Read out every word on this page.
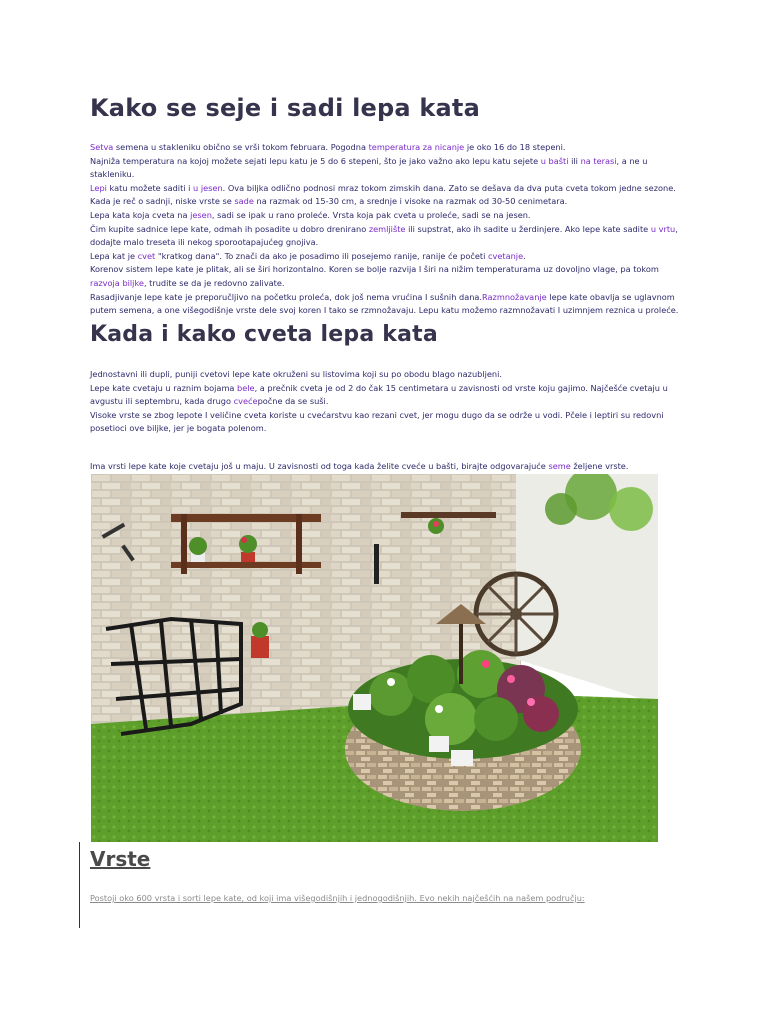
Kako se seje i sadi lepa kata

Setva semena u stakleniku obično se vrši tokom februara. Pogodna temperatura za nicanje je oko 16 do 18 stepeni.

Najniža temperatura na kojoj možete sejati lepu katu je 5 do 6 stepeni, što je jako važno ako lepu katu sejete u bašti ili na terasi, a ne u stakleniku.

Lepi katu možete saditi i u jesen. Ova biljka odlično podnosi mraz tokom zimskih dana. Zato se dešava da dva puta cveta tokom jedne sezone.

Kada je reč o sadnji, niske vrste se sade na razmak od 15-30 cm, a srednje i visoke na razmak od 30-50 cenimetara.

Lepa kata koja cveta na jesen, sadi se ipak u rano proleće. Vrsta koja pak cveta u proleće, sadi se na jesen.

Čim kupite sadnice lepe kate, odmah ih posadite u dobro drenirano zemljište ili supstrat, ako ih sadite u žerdinjere. Ako lepe kate sadite u vrtu, dodajte malo treseta ili nekog sporootapajućeg gnojiva.

Lepa kat je cvet "kratkog dana". To znači da ako je posadimo ili posejemo ranije, ranije će početi cvetanje.

Korenov sistem lepe kate je plitak, ali se širi horizontalno. Koren se bolje razvija I širi na nižim temperaturama uz dovoljno vlage, pa tokom razvoja biljke, trudite se da je redovno zalivate.

Rasadjivanje lepe kate je preporučljivo na početku proleća, dok još nema vrućina I sušnih dana.Razmnožavanje lepe kate obavlja se uglavnom putem semena, a one višegodišnje vrste dele svoj koren I tako se rzmnožavaju. Lepu katu možemo razmnožavati I uzimnjem reznica u proleće.

Kada i kako cveta lepa kata

Jednostavni ili dupli, puniji cvetovi lepe kate okruženi su listovima koji su po obodu blago nazubljeni.

Lepe kate cvetaju u raznim bojama bele, a prečnik cveta je od 2 do čak 15 centimetara u zavisnosti od vrste koju gajimo. Najčešće cvetaju u avgustu ili septembru, kada drugo cvećepočne da se suši.

Visoke vrste se zbog lepote I veličine cveta koriste u cvećarstvu kao rezani cvet, jer mogu dugo da se održe u vodi. Pčele i leptiri su redovni posetioci ove biljke, jer je bogata polenom.

Ima vrsti lepe kate koje cvetaju još u maju. U zavisnosti od toga kada želite cveće u bašti, birajte odgovarajuće seme željene vrste.
Vrste
Postoji oko 600 vrsta i sorti lepe kate, od koji ima višegodišnjih i jednogodišnjih. Evo nekih najčešćih na našem području:
